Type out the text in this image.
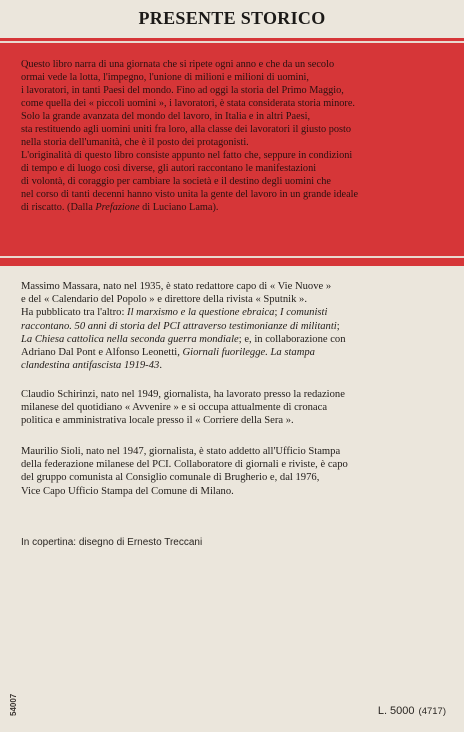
PRESENTE STORICO
Questo libro narra di una giornata che si ripete ogni anno e che da un secolo
ormai vede la lotta, l'impegno, l'unione di milioni e milioni di uomini,
i lavoratori, in tanti Paesi del mondo. Fino ad oggi la storia del Primo Maggio,
come quella dei « piccoli uomini », i lavoratori, è stata considerata storia minore.
Solo la grande avanzata del mondo del lavoro, in Italia e in altri Paesi,
sta restituendo agli uomini uniti fra loro, alla classe dei lavoratori il giusto posto
nella storia dell'umanità, che è il posto dei protagonisti.
L'originalità di questo libro consiste appunto nel fatto che, seppure in condizioni
di tempo e di luogo così diverse, gli autori raccontano le manifestazioni
di volontà, di coraggio per cambiare la società e il destino degli uomini che
nel corso di tanti decenni hanno visto unita la gente del lavoro in un grande ideale
di riscatto. (Dalla Prefazione di Luciano Lama).
Massimo Massara, nato nel 1935, è stato redattore capo di « Vie Nuove »
e del « Calendario del Popolo » e direttore della rivista « Sputnik ».
Ha pubblicato tra l'altro: Il marxismo e la questione ebraica; I comunisti
raccontano. 50 anni di storia del PCI attraverso testimonianze di militanti;
La Chiesa cattolica nella seconda guerra mondiale; e, in collaborazione con
Adriano Dal Pont e Alfonso Leonetti, Giornali fuorilegge. La stampa
clandestina antifascista 1919-43.
Claudio Schirinzi, nato nel 1949, giornalista, ha lavorato presso la redazione
milanese del quotidiano « Avvenire » e si occupa attualmente di cronaca
politica e amministrativa locale presso il « Corriere della Sera ».
Maurilio Sioli, nato nel 1947, giornalista, è stato addetto all'Ufficio Stampa
della federazione milanese del PCI. Collaboratore di giornali e riviste, è capo
del gruppo comunista al Consiglio comunale di Brugherio e, dal 1976,
Vice Capo Ufficio Stampa del Comune di Milano.
In copertina: disegno di Ernesto Treccani
54007	L. 5000 (4717)
